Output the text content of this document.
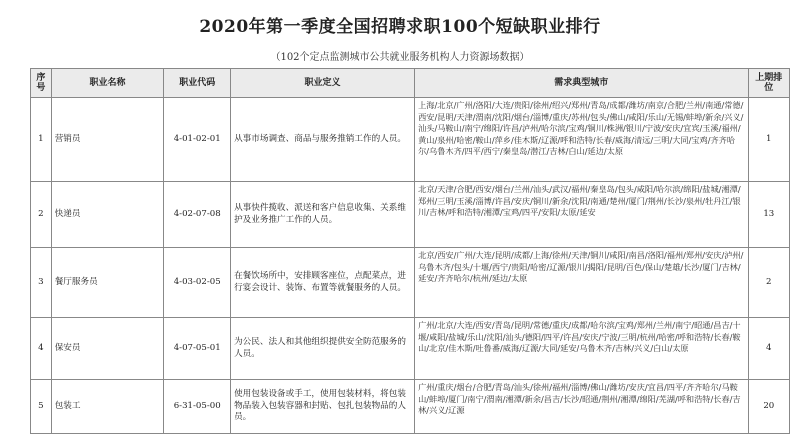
2020年第一季度全国招聘求职100个短缺职业排行
（102个定点监测城市公共就业服务机构人力资源场数据）
序号	职业名称	职业代码	职业定义	需求典型城市	上期排位
1	营销员	4-01-02-01	从事市场调查、商品与服务推销工作的人员。	上海/北京/广州/洛阳/大连/贵阳/徐州/绍兴/郑州/青岛/成都/潍坊/南京/合肥/兰州/南通/常德/西安/昆明/天津/渭南/沈阳/烟台/淄博/重庆/苏州/包头/佛山/咸阳/乐山/无锡/蚌埠/新余/兴义/汕头/马鞍山/南宁/绵阳/许昌/泸州/哈尔滨/宝鸡/铜川/株洲/银川/宁波/安庆/宜宾/玉溪/福州/黄山/泉州/哈密/鞍山/萍乡/佳木斯/辽源/呼和浩特/长春/威海/清远/三明/大同/宝鸡/齐齐哈尔/乌鲁木齐/四平/西宁/秦皇岛/潜江/吉林/白山/延边/太原	1
2	快递员	4-02-07-08	从事快件揽收、派送和客户信息收集、关系维护及业务推广工作的人员。	北京/天津/合肥/西安/烟台/兰州/汕头/武汉/福州/秦皇岛/包头/咸阳/哈尔滨/绵阳/盐城/湘潭/郑州/三明/玉溪/淄博/许昌/安庆/铜川/新余/沈阳/南通/楚州/厦门/荆州/长沙/泉州/牡丹江/银川/吉林/呼和浩特/湘潭/宝鸡/四平/安阳/太原/延安	13
3	餐厅服务员	4-03-02-05	在餐饮场所中，安排顾客座位，点配菜点，进行宴会设计、装饰、布置等就餐服务的人员。	北京/西安/广州/大连/昆明/成都/上海/徐州/天津/铜川/咸阳/南昌/洛阳/福州/郑州/安庆/泸州/乌鲁木齐/包头/十堰/西宁/贵阳/哈密/辽源/银川/揭阳/昆明/百色/保山/楚雄/长沙/厦门/吉林/延安/齐齐哈尔/杭州/延边/太原	2
4	保安员	4-07-05-01	为公民、法人和其他组织提供安全防范服务的人员。	广州/北京/大连/西安/青岛/昆明/常德/重庆/成都/哈尔滨/宝鸡/郑州/兰州/南宁/昭通/昌吉/十堰/咸阳/盐城/乐山/沈阳/汕头/德阳/四平/许昌/安庆/宁波/三明/杭州/哈密/呼和浩特/长春/鞍山/北京/佳木斯/吐鲁番/威海/辽源/大同/延安/乌鲁木齐/吉林/兴义/白山/太原	4
5	包装工	6-31-05-00	使用包装设备或手工，使用包装材料，将包装物品装入包装容器和封贴、包扎包装物品的人员。	广州/重庆/烟台/合肥/青岛/汕头/徐州/福州/淄博/佛山/潍坊/安庆/宜昌/四平/齐齐哈尔/马鞍山/蚌埠/厦门/南宁/渭南/湘潭/新余/昌吉/长沙/昭通/荆州/湘潭/绵阳/芜湖/呼和浩特/长春/吉林/兴义/辽源	20
